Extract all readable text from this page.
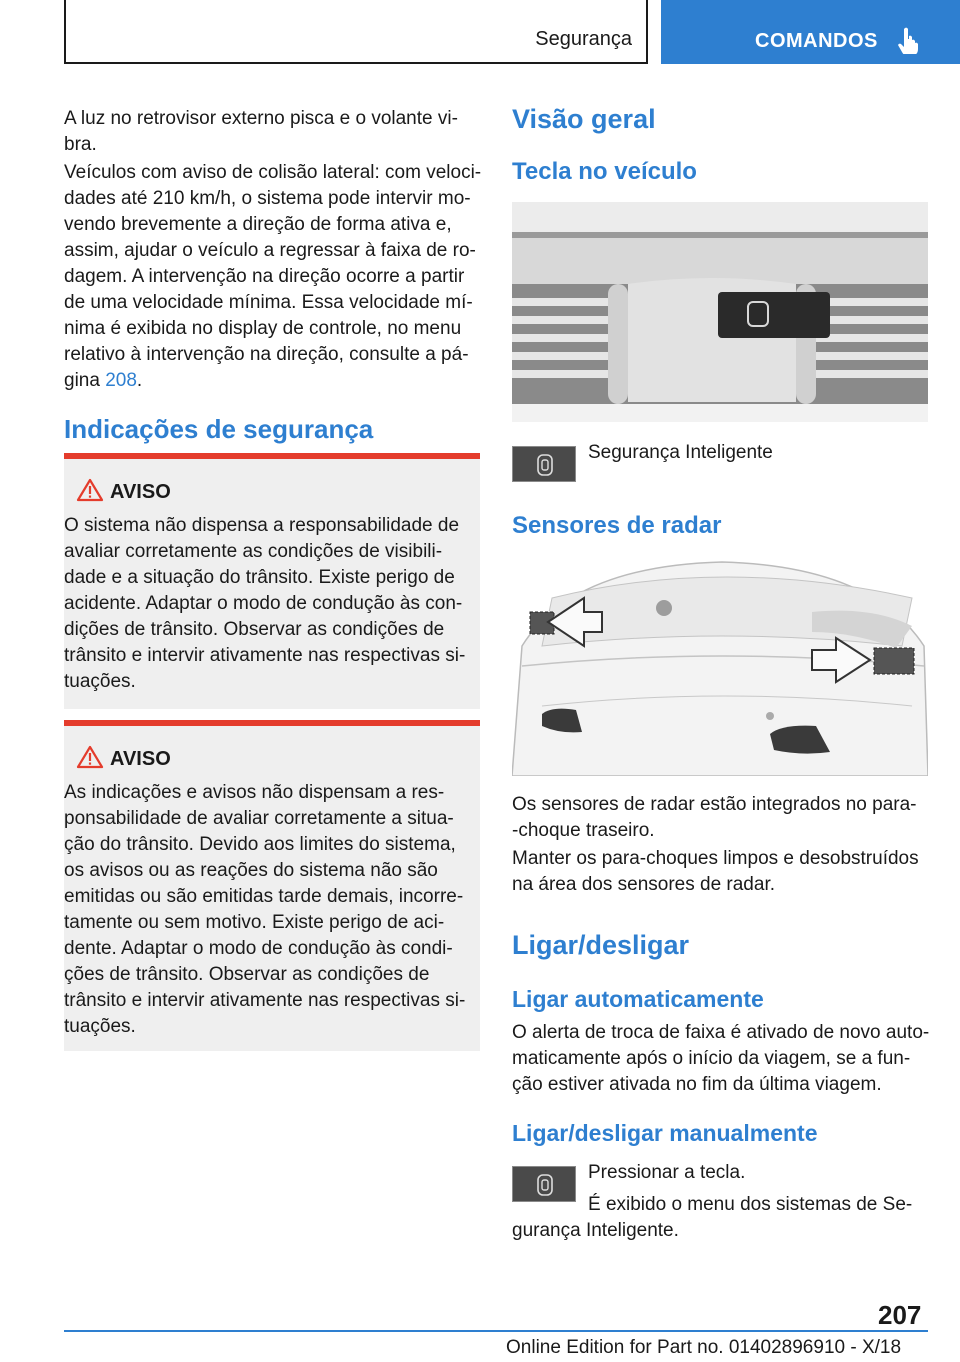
Segurança	COMANDOS

A luz no retrovisor externo pisca e o volante vi-
bra.

Veículos com aviso de colisão lateral: com veloci-

dades até 210 km/h, o sistema pode intervir mo-

vendo brevemente a direção de forma ativa e,

assim, ajudar o veículo a regressar à faixa de ro-

dagem. A intervenção na direção ocorre a partir

de uma velocidade mínima. Essa velocidade mí-

nima é exibida no display de controle, no menu

relativo à intervenção na direção, consulte a pá-

gina 208.

Indicações de segurança
AVISO

O sistema não dispensa a responsabilidade de

avaliar corretamente as condições de visibili-

dade e a situação do trânsito. Existe perigo de

acidente. Adaptar o modo de condução às con-

dições de trânsito. Observar as condições de

trânsito e intervir ativamente nas respectivas si-

tuações.

AVISO

As indicações e avisos não dispensam a res-

ponsabilidade de avaliar corretamente a situa-

ção do trânsito. Devido aos limites do sistema,

os avisos ou as reações do sistema não são

emitidas ou são emitidas tarde demais, incorre-

tamente ou sem motivo. Existe perigo de aci-

dente. Adaptar o modo de condução às condi-

ções de trânsito. Observar as condições de

trânsito e intervir ativamente nas respectivas si-

tuações.

Visão geral
Tecla no veículo

Segurança Inteligente

Sensores de radar

Os sensores de radar estão integrados no para-

-choque traseiro.

Manter os para-choques limpos e desobstruídos

na área dos sensores de radar.

Ligar/desligar
Ligar automaticamente

O alerta de troca de faixa é ativado de novo auto-

maticamente após o início da viagem, se a fun-

ção estiver ativada no fim da última viagem.

Ligar/desligar manualmente

Pressionar a tecla.

É exibido o menu dos sistemas de Se-

gurança Inteligente.

207
Online Edition for Part no. 01402896910 - X/18
